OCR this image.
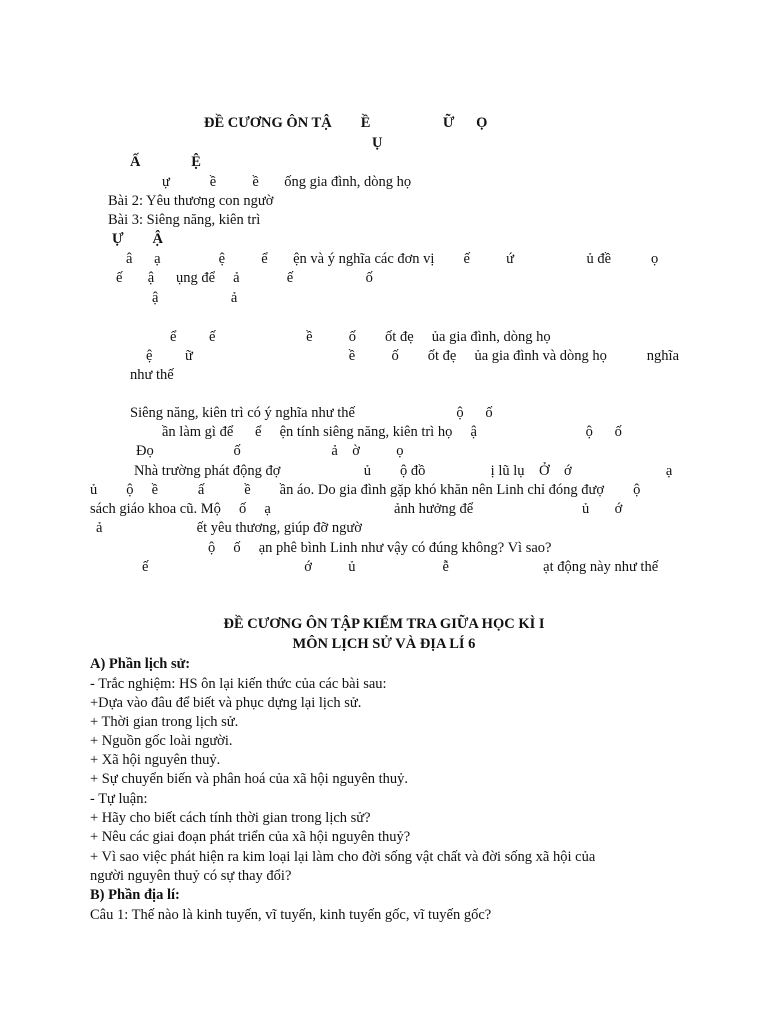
ĐỀ CƯƠNG ÔN TẬ        Ề                    Ữ      Ọ
Ụ
Ấ              Ệ
ự           ề          ề       ống gia đình, dòng họ
Bài 2: Yêu thương con ngườ
Bài 3: Siêng năng, kiên trì
Ự        Ậ
â      ạ                ệ          ể       ện và ý nghĩa các đơn vị        ế          ứ                    ủ đề           ọ
ế       ậ      ụng để     ả             ế                    ố
ậ                    ả
ể         ế                         ề          ố        ốt đẹ     ủa gia đình, dòng họ
ệ         ữ                                           ề          ố        ốt đẹ     ủa gia đình và dòng họ           nghĩa
như thế
Siêng năng, kiên trì có ý nghĩa như thế                            ộ      ố
ần làm gì để      ể     ện tính siêng năng, kiên trì họ     ậ                              ộ      ố
Đọ                      ố                         ả    ờ          ọ
Nhà trường phát động đợ                       ủ        ộ đồ                  ị lũ lụ    Ở    ớ                          ạ
ủ        ộ     ề           ấ           ề        ần áo. Do gia đình gặp khó khăn nên Linh chỉ đóng đượ        ộ
sách giáo khoa cũ. Mộ     ố     ạ                                  ảnh hưởng để                              ủ       ớ
ả                          ết yêu thương, giúp đỡ ngườ
ộ     ố     ạn phê bình Linh như vậy có đúng không? Vì sao?
ế                                           ớ          ủ                        ễ                          ạt động này như thế
ĐỀ CƯƠNG ÔN TẬP KIỂM TRA GIỮA HỌC KÌ I
MÔN LỊCH SỬ VÀ ĐỊA LÍ 6
A) Phần lịch sử:
- Trắc nghiệm: HS ôn lại kiến thức của các bài sau:
+Dựa vào đâu để biết và phục dựng lại lịch sử.
+ Thời gian trong lịch sử.
+ Nguồn gốc loài người.
+ Xã hội nguyên thuỷ.
+ Sự chuyển biến và phân hoá của xã hội nguyên thuỷ.
- Tự luận:
+ Hãy cho biết cách tính thời gian trong lịch sử?
+ Nêu các giai đoạn phát triển của xã hội nguyên thuỷ?
+ Vì sao việc phát hiện ra kim loại lại làm cho đời sống vật chất và đời sống xã hội của
người nguyên thuỷ có sự thay đổi?
B) Phần địa lí:
Câu 1: Thế nào là kinh tuyến, vĩ tuyến, kinh tuyến gốc, vĩ tuyến gốc?
